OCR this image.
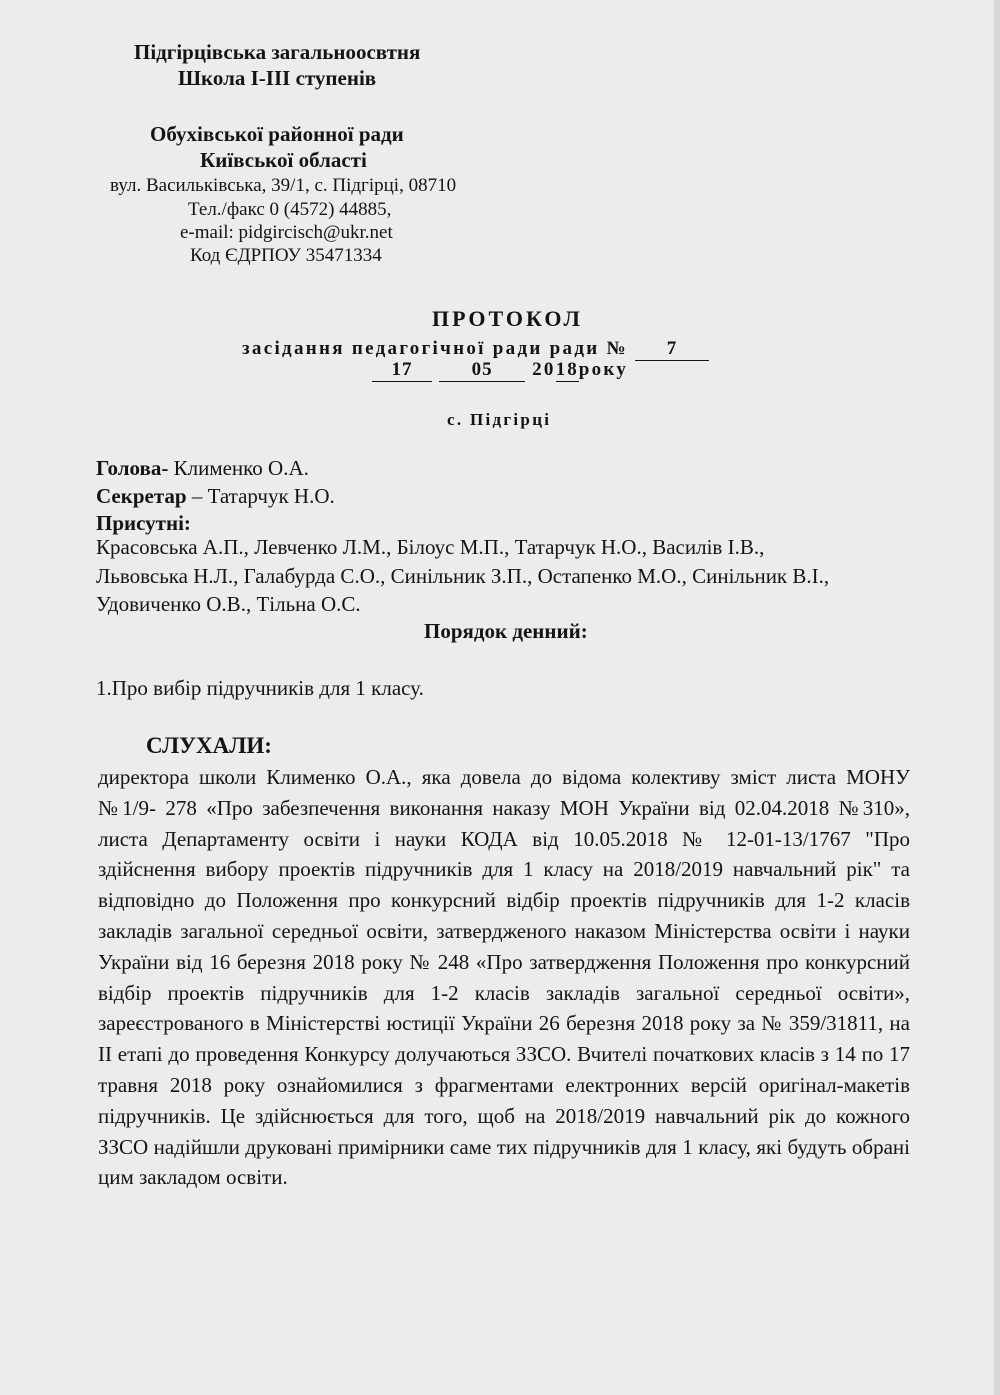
Підгірцівська загальноосвтня
Школа І-ІІІ ступенів
Обухівської районної ради
Київської області
вул. Васильківська, 39/1, с. Підгірці, 08710
Тел./факс 0 (4572) 44885,
e-mail: pidgircisch@ukr.net
Код ЄДРПОУ 35471334
ПРОТОКОЛ
засідання педагогічної ради ради № 7
17	05 2018року
с. Підгірці
Голова- Клименко О.А.
Секретар – Татарчук Н.О.
Присутні:
Красовська А.П., Левченко Л.М., Білоус М.П., Татарчук Н.О., Василів І.В.,
Львовська Н.Л., Галабурда С.О., Синільник З.П., Остапенко М.О., Синільник В.І.,
Удовиченко О.В., Тільна О.С.
Порядок денний:
1.Про вибір підручників для 1 класу.
СЛУХАЛИ:
директора школи Клименко О.А., яка довела до відома колективу зміст листа МОНУ №1/9- 278 «Про забезпечення виконання наказу МОН України від 02.04.2018 №310», листа Департаменту освіти і науки КОДА від 10.05.2018 № 12-01-13/1767 "Про здійснення вибору проектів підручників для 1 класу на 2018/2019 навчальний рік" та відповідно до Положення про конкурсний відбір проектів підручників для 1-2 класів закладів загальної середньої освіти, затвердженого наказом Міністерства освіти і науки України від 16 березня 2018 року № 248 «Про затвердження Положення про конкурсний відбір проектів підручників для 1-2 класів закладів загальної середньої освіти», зареєстрованого в Міністерстві юстиції України 26 березня 2018 року за № 359/31811, на ІІ етапі до проведення Конкурсу долучаються ЗЗСО. Вчителі початкових класів з 14 по 17 травня 2018 року ознайомилися з фрагментами електронних версій оригінал-макетів підручників. Це здійснюється для того, щоб на 2018/2019 навчальний рік до кожного ЗЗСО надійшли друковані примірники саме тих підручників для 1 класу, які будуть обрані цим закладом освіти.
